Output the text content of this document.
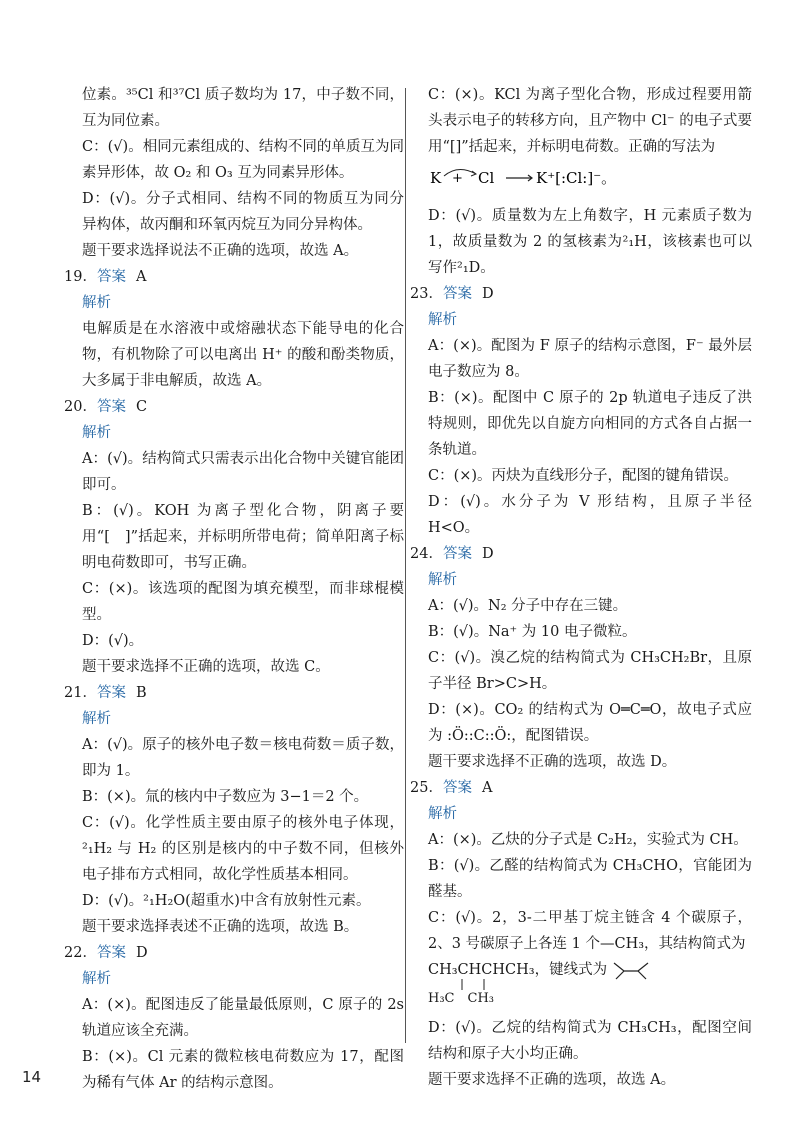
位素。³⁵Cl 和³⁷Cl 质子数均为 17，中子数不同，互为同位素。

C：(√)。相同元素组成的、结构不同的单质互为同素异形体，故 O₂ 和 O₃ 互为同素异形体。

D：(√)。分子式相同、结构不同的物质互为同分异构体，故丙酮和环氧丙烷互为同分异构体。

题干要求选择说法不正确的选项，故选 A。

19．答案 A

解析

电解质是在水溶液中或熔融状态下能导电的化合物，有机物除了可以电离出 H⁺ 的酸和酚类物质，大多属于非电解质，故选 A。

20．答案 C

解析

A：(√)。结构简式只需表示出化合物中关键官能团即可。

B：(√)。KOH 为离子型化合物，阴离子要用“[　]”括起来，并标明所带电荷；简单阳离子标明电荷数即可，书写正确。

C：(×)。该选项的配图为填充模型，而非球棍模型。

D：(√)。

题干要求选择不正确的选项，故选 C。

21．答案 B

解析

A：(√)。原子的核外电子数＝核电荷数＝质子数，即为 1。

B：(×)。氚的核内中子数应为 3−1＝2 个。

C：(√)。化学性质主要由原子的核外电子体现，²₁H₂ 与 H₂ 的区别是核内的中子数不同，但核外电子排布方式相同，故化学性质基本相同。

D：(√)。²₁H₂O(超重水)中含有放射性元素。

题干要求选择表述不正确的选项，故选 B。

22．答案 D

解析

A：(×)。配图违反了能量最低原则，C 原子的 2s 轨道应该全充满。

B：(×)。Cl 元素的微粒核电荷数应为 17，配图为稀有气体 Ar 的结构示意图。

C：(×)。KCl 为离子型化合物，形成过程要用箭头表示电子的转移方向，且产物中 Cl⁻ 的电子式要用“[]”括起来，并标明电荷数。正确的写法为

K + Cl	K⁺[:Cl:]⁻。

D：(√)。质量数为左上角数字，H 元素质子数为 1，故质量数为 2 的氢核素为²₁H，该核素也可以写作²₁D。

23．答案 D

解析

A：(×)。配图为 F 原子的结构示意图，F⁻ 最外层电子数应为 8。

B：(×)。配图中 C 原子的 2p 轨道电子违反了洪特规则，即优先以自旋方向相同的方式各自占据一条轨道。

C：(×)。丙炔为直线形分子，配图的键角错误。

D：(√)。水分子为 V 形结构，且原子半径 H<O。

24．答案 D

解析

A：(√)。N₂ 分子中存在三键。

B：(√)。Na⁺ 为 10 电子微粒。

C：(√)。溴乙烷的结构简式为 CH₃CH₂Br，且原子半径 Br>C>H。

D：(×)。CO₂ 的结构式为 O═C═O，故电子式应为 :Ö::C::Ö:，配图错误。

题干要求选择不正确的选项，故选 D。

25．答案 A

解析

A：(×)。乙炔的分子式是 C₂H₂，实验式为 CH。

B：(√)。乙醛的结构简式为 CH₃CHO，官能团为醛基。

C：(√)。2，3-二甲基丁烷主链含 4 个碳原子，2、3 号碳原子上各连 1 个—CH₃，其结构简式为

CH₃CHCHCH₃，键线式为
H₃C　CH₃

D：(√)。乙烷的结构简式为 CH₃CH₃，配图空间结构和原子大小均正确。

题干要求选择不正确的选项，故选 A。

14
